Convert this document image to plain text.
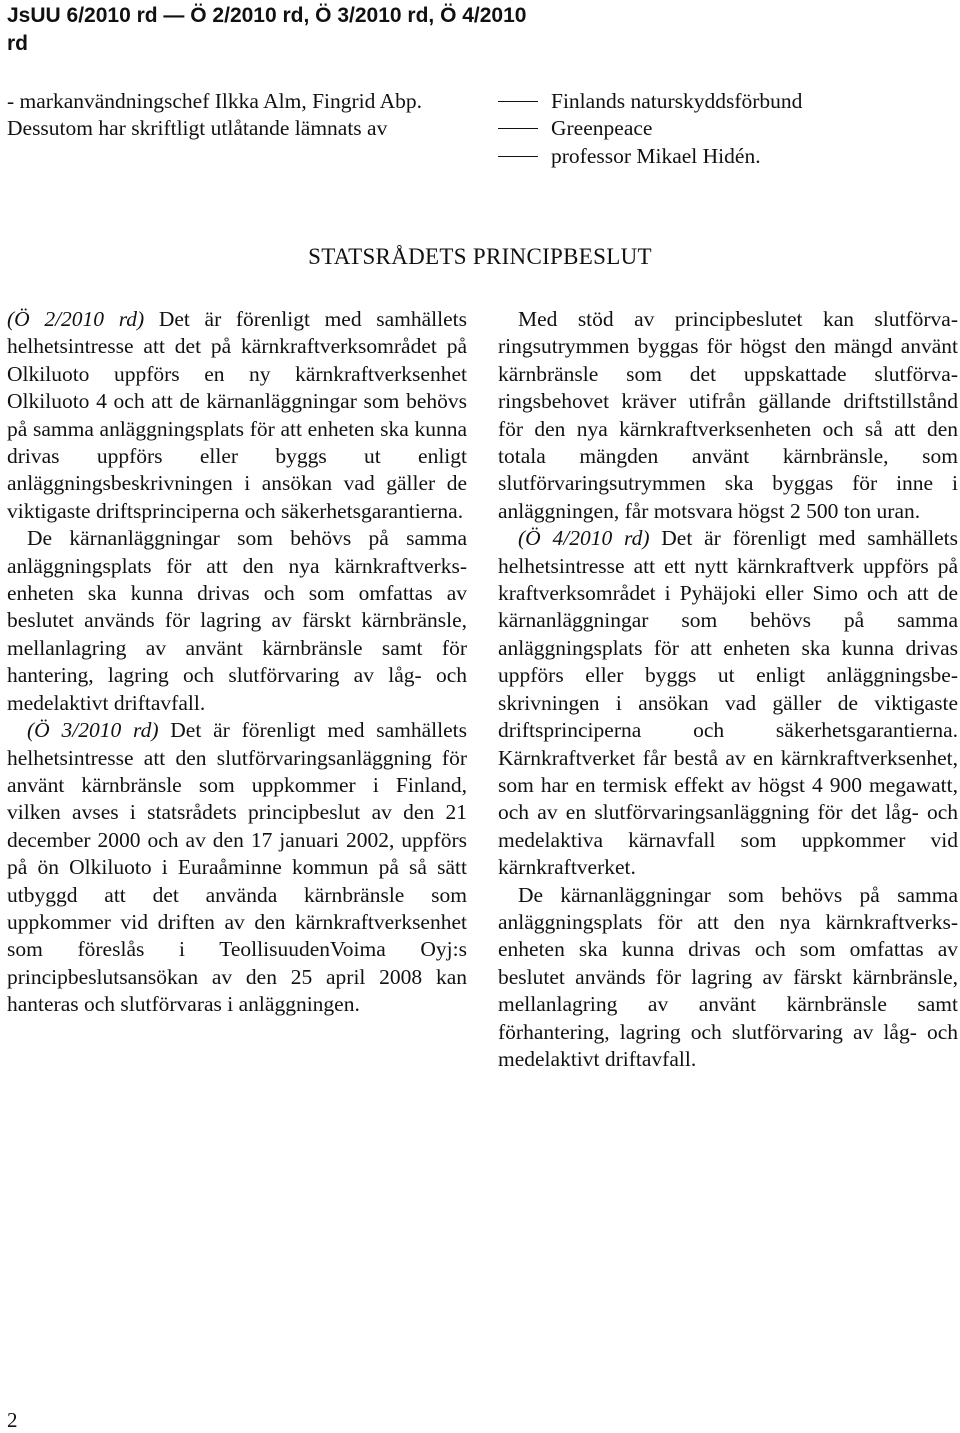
JsUU 6/2010 rd — Ö 2/2010 rd, Ö 3/2010 rd, Ö 4/2010
rd

- markanvändningschef Ilkka Alm, Fingrid Abp.

Dessutom har skriftligt utlåtande lämnats av

Finlands naturskyddsförbund
Greenpeace
professor Mikael Hidén.
STATSRÅDETS PRINCIPBESLUT

(Ö 2/2010 rd) Det är förenligt med samhällets helhetsintresse att det på kärnkraftverksområdet på Olkiluoto uppförs en ny kärnkraftverksenhet Olkiluoto 4 och att de kärnanläggningar som behövs på samma anläggningsplats för att enheten ska kunna drivas uppförs eller byggs ut enligt anläggningsbeskrivningen i ansökan vad gäller de viktigaste driftsprinciperna och säkerhetsgarantierna.

De kärnanläggningar som behövs på samma anläggningsplats för att den nya kärnkraftverksenheten ska kunna drivas och som omfattas av beslutet används för lagring av färskt kärnbränsle, mellanlagring av använt kärnbränsle samt för hantering, lagring och slutförvaring av låg- och medelaktivt driftavfall.

(Ö 3/2010 rd) Det är förenligt med samhällets helhetsintresse att den slutförvaringsanläggning för använt kärnbränsle som uppkommer i Finland, vilken avses i statsrådets principbeslut av den 21 december 2000 och av den 17 januari 2002, uppförs på ön Olkiluoto i Euraåminne kommun på så sätt utbyggd att det använda kärnbränsle som uppkommer vid driften av den kärnkraftverksenhet som föreslås i TeollisuudenVoima Oyj:s principbeslutsansökan av den 25 april 2008 kan hanteras och slutförvaras i anläggningen.

Med stöd av principbeslutet kan slutförvaringsutrymmen byggas för högst den mängd använt kärnbränsle som det uppskattade slutförvaringsbehovet kräver utifrån gällande driftstillstånd för den nya kärnkraftverksenheten och så att den totala mängden använt kärnbränsle, som slutförvaringsutrymmen ska byggas för inne i anläggningen, får motsvara högst 2 500 ton uran.

(Ö 4/2010 rd) Det är förenligt med samhällets helhetsintresse att ett nytt kärnkraftverk uppförs på kraftverksområdet i Pyhäjoki eller Simo och att de kärnanläggningar som behövs på samma anläggningsplats för att enheten ska kunna drivas uppförs eller byggs ut enligt anläggningsbeskrivningen i ansökan vad gäller de viktigaste driftsprinciperna och säkerhetsgarantierna. Kärnkraftverket får bestå av en kärnkraftverksenhet, som har en termisk effekt av högst 4 900 megawatt, och av en slutförvaringsanläggning för det låg- och medelaktiva kärnavfall som uppkommer vid kärnkraftverket.

De kärnanläggningar som behövs på samma anläggningsplats för att den nya kärnkraftverksenheten ska kunna drivas och som omfattas av beslutet används för lagring av färskt kärnbränsle, mellanlagring av använt kärnbränsle samt förhantering, lagring och slutförvaring av låg- och medelaktivt driftavfall.

2
